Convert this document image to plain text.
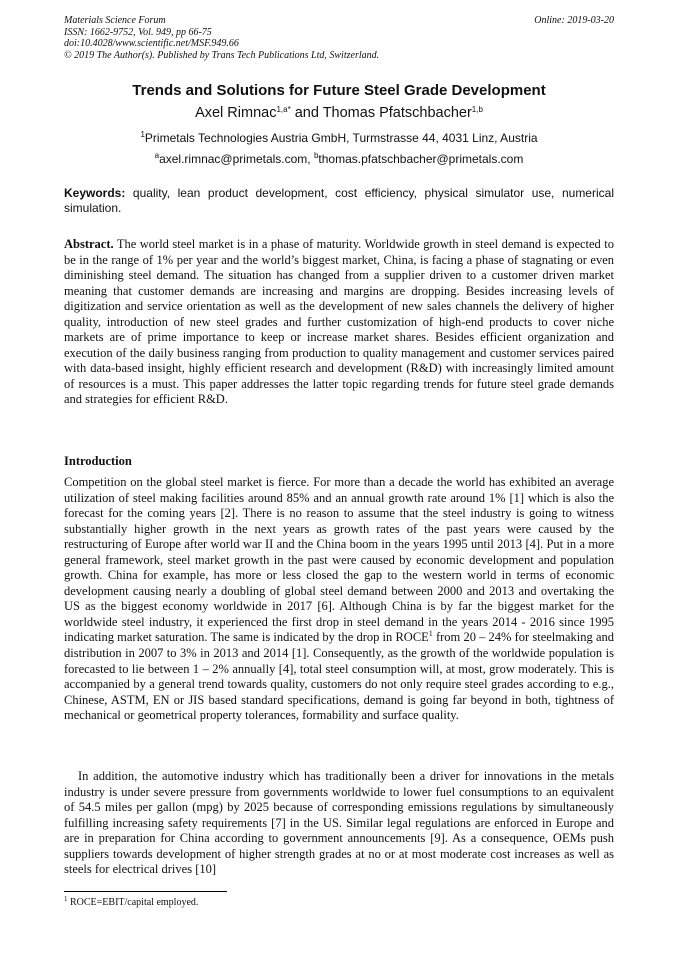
Materials Science Forum	Online: 2019-03-20
ISSN: 1662-9752, Vol. 949, pp 66-75
doi:10.4028/www.scientific.net/MSF.949.66
© 2019 The Author(s). Published by Trans Tech Publications Ltd, Switzerland.
Trends and Solutions for Future Steel Grade Development
Axel Rimnac$^{1,a*}$ and Thomas Pfatschbacher$^{1,b}$
$^1$Primetals Technologies Austria GmbH, Turmstrasse 44, 4031 Linz, Austria
$^a$axel.rimnac@primetals.com, $^b$thomas.pfatschbacher@primetals.com
Keywords: quality, lean product development, cost efficiency, physical simulator use, numerical simulation.
Abstract. The world steel market is in a phase of maturity. Worldwide growth in steel demand is expected to be in the range of 1% per year and the world’s biggest market, China, is facing a phase of stagnating or even diminishing steel demand. The situation has changed from a supplier driven to a customer driven market meaning that customer demands are increasing and margins are dropping. Besides increasing levels of digitization and service orientation as well as the development of new sales channels the delivery of higher quality, introduction of new steel grades and further customization of high-end products to cover niche markets are of prime importance to keep or increase market shares. Besides efficient organization and execution of the daily business ranging from production to quality management and customer services paired with data-based insight, highly efficient research and development (R&D) with increasingly limited amount of resources is a must. This paper addresses the latter topic regarding trends for future steel grade demands and strategies for efficient R&D.
Introduction
Competition on the global steel market is fierce. For more than a decade the world has exhibited an average utilization of steel making facilities around 85% and an annual growth rate around 1% [1] which is also the forecast for the coming years [2]. There is no reason to assume that the steel industry is going to witness substantially higher growth in the next years as growth rates of the past years were caused by the restructuring of Europe after world war II and the China boom in the years 1995 until 2013 [4]. Put in a more general framework, steel market growth in the past were caused by economic development and population growth. China for example, has more or less closed the gap to the western world in terms of economic development causing nearly a doubling of global steel demand between 2000 and 2013 and overtaking the US as the biggest economy worldwide in 2017 [6]. Although China is by far the biggest market for the worldwide steel industry, it experienced the first drop in steel demand in the years 2014 - 2016 since 1995 indicating market saturation. The same is indicated by the drop in ROCE$^1$ from 20 – 24% for steelmaking and distribution in 2007 to 3% in 2013 and 2014 [1]. Consequently, as the growth of the worldwide population is forecasted to lie between 1 – 2% annually [4], total steel consumption will, at most, grow moderately. This is accompanied by a general trend towards quality, customers do not only require steel grades according to e.g., Chinese, ASTM, EN or JIS based standard specifications, demand is going far beyond in both, tightness of mechanical or geometrical property tolerances, formability and surface quality.
In addition, the automotive industry which has traditionally been a driver for innovations in the metals industry is under severe pressure from governments worldwide to lower fuel consumptions to an equivalent of 54.5 miles per gallon (mpg) by 2025 because of corresponding emissions regulations by simultaneously fulfilling increasing safety requirements [7] in the US. Similar legal regulations are enforced in Europe and are in preparation for China according to government announcements [9]. As a consequence, OEMs push suppliers towards development of higher strength grades at no or at most moderate cost increases as well as steels for electrical drives [10]
$^1$ ROCE=EBIT/capital employed.
